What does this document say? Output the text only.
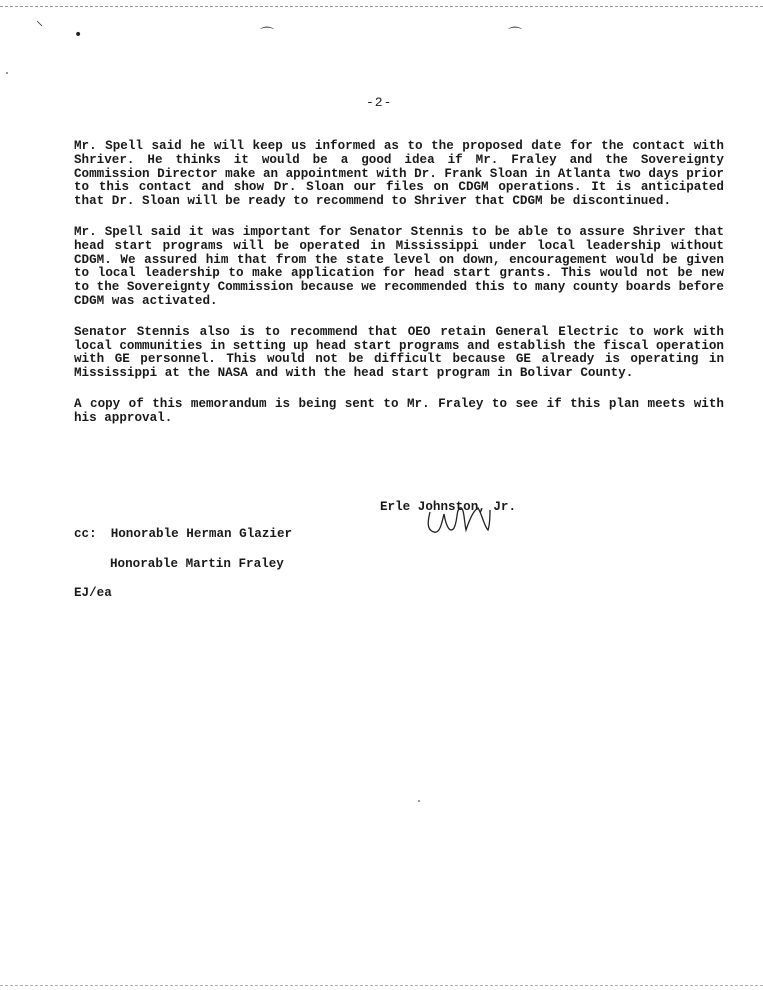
⸜
•	⌒	⌒
-2-

Mr. Spell said he will keep us informed as to the proposed date for the contact with Shriver. He thinks it would be a good idea if Mr. Fraley and the Sovereignty Commission Director make an appointment with Dr. Frank Sloan in Atlanta two days prior to this contact and show Dr. Sloan our files on CDGM operations. It is anticipated that Dr. Sloan will be ready to recommend to Shriver that CDGM be discontinued.

Mr. Spell said it was important for Senator Stennis to be able to assure Shriver that head start programs will be operated in Mississippi under local leadership without CDGM. We assured him that from the state level on down, encouragement would be given to local leadership to make application for head start grants. This would not be new to the Sovereignty Commission because we recommended this to many county boards before CDGM was activated.

Senator Stennis also is to recommend that OEO retain General Electric to work with local communities in setting up head start programs and establish the fiscal operation with GE personnel. This would not be difficult because GE already is operating in Mississippi at the NASA and with the head start program in Bolivar County.

A copy of this memorandum is being sent to Mr. Fraley to see if this plan meets with his approval.

Erle Johnston, Jr.
cc: Honorable Herman Glazier
Honorable Martin Fraley
EJ/ea
